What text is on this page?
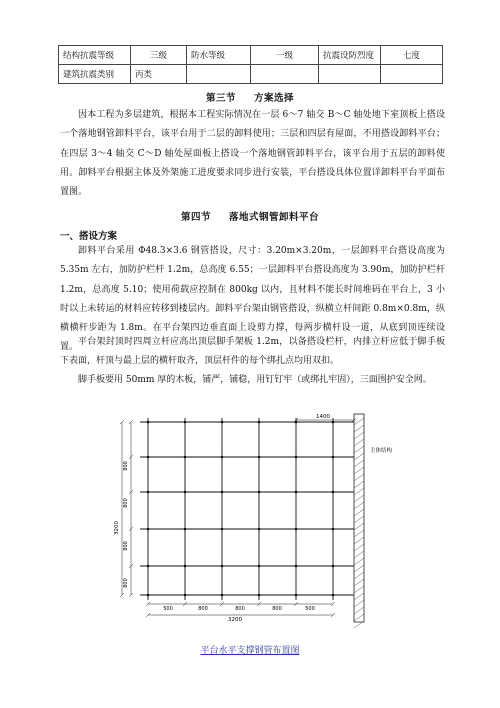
结构抗震等级	三级	防水等级	一级	抗震设防烈度	七度
建筑抗震类别	丙类				
第三节 方案选择

因本工程为多层建筑，根据本工程实际情况在一层 6～7 轴交 B～C 轴处地下室顶板上搭设一个落地钢管卸料平台，该平台用于二层的卸料使用；三层和四层有屋面，不用搭设卸料平台；在四层 3～4 轴交 C～D 轴处屋面板上搭设一个落地钢管卸料平台，该平台用于五层的卸料使用。卸料平台根据主体及外架施工进度要求同步进行安装，平台搭设具体位置详卸料平台平面布置图。

第四节 落地式钢管卸料平台
一、搭设方案

卸料平台采用 Φ48.3×3.6 钢管搭设，尺寸：3.20m×3.20m，一层卸料平台搭设高度为 5.35m 左右，加防护栏杆 1.2m，总高度 6.55；一层卸料平台搭设高度为 3.90m，加防护栏杆 1.2m，总高度 5.10；使用荷载应控制在 800kg 以内，且材料不能长时间堆码在平台上，3 小时以上未转运的材料应转移到楼层内。卸料平台架由钢管搭设，纵横立杆间距 0.8m×0.8m，纵横横杆步距为 1.8m。在平台架四边垂直面上设剪力撑，每两步横杆设一道，从底到顶连续设置。

平台架封顶时四周立杆应高出顶层脚手架板 1.2m，以备搭设栏杆，内排立杆应低于脚手板下表面，杆顶与最上层的横杆取齐，顶层杆件的每个绑扎点均用双扣。

脚手板要用 50mm 厚的木板，铺严，铺稳，用钉钉牢（或绑扎牢固），三面围护安全网。

1400
主体结构
3200
800
800
800
800
500	800	800	800	500
3200
平台水平支撑钢管布置图
